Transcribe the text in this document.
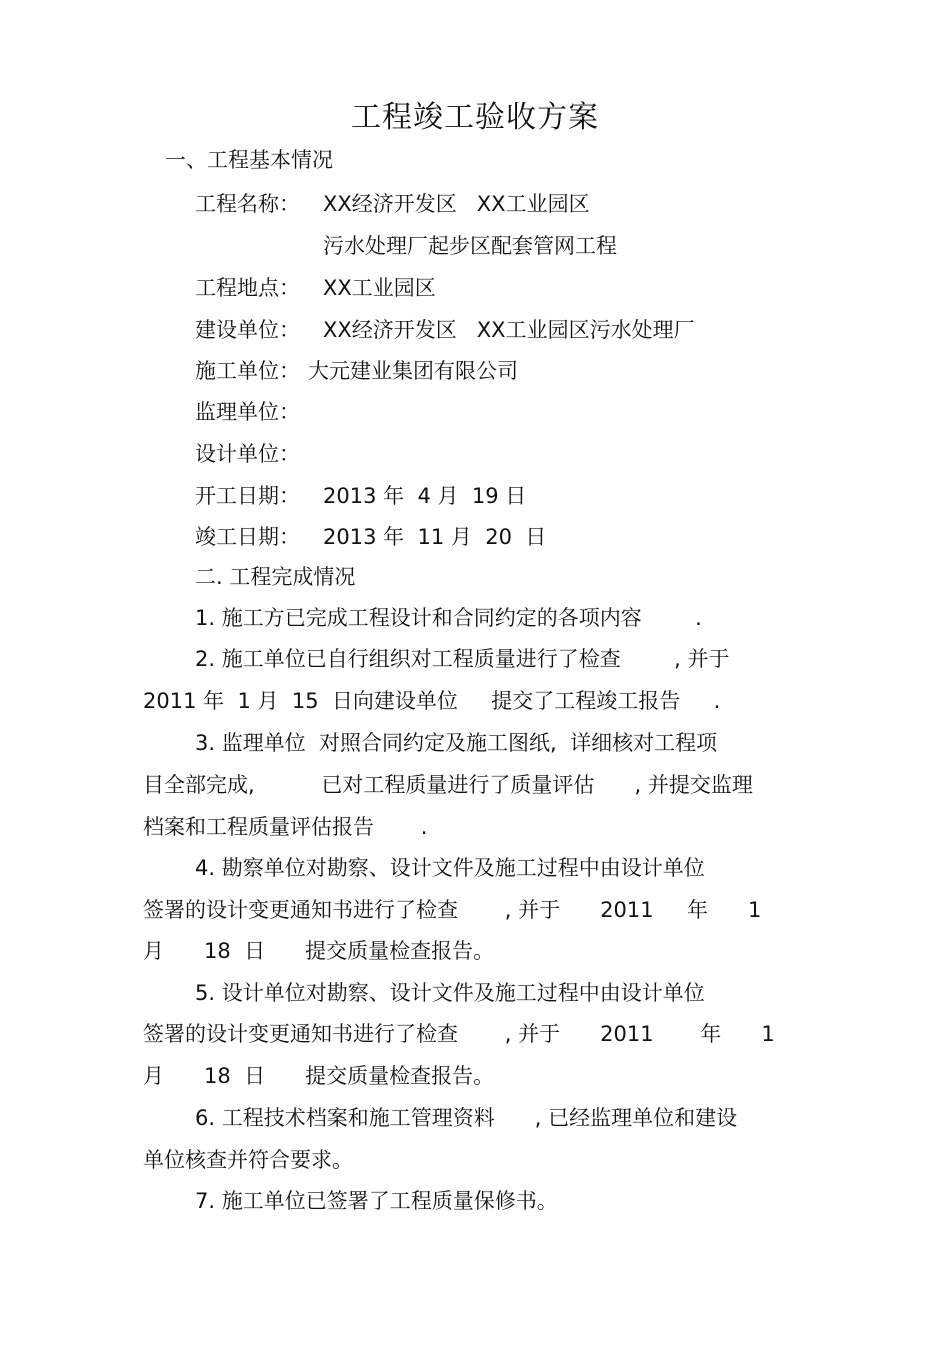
工程竣工验收方案
一、工程基本情况
工程名称： XX经济开发区   XX工业园区
污水处理厂起步区配套管网工程
工程地点： XX工业园区
建设单位： XX经济开发区   XX工业园区污水处理厂
施工单位： 大元建业集团有限公司
监理单位：
设计单位：
开工日期： 2013 年  4 月  19 日
竣工日期： 2013 年  11 月  20  日
二. 工程完成情况
1. 施工方已完成工程设计和合同约定的各项内容        .
2. 施工单位已自行组织对工程质量进行了检查        , 并于
2011 年  1 月  15  日向建设单位     提交了工程竣工报告     .
3. 监理单位  对照合同约定及施工图纸,  详细核对工程项
目全部完成,          已对工程质量进行了质量评估      , 并提交监理
档案和工程质量评估报告       .
4. 勘察单位对勘察、设计文件及施工过程中由设计单位
签署的设计变更通知书进行了检查       , 并于      2011     年      1
月      18  日      提交质量检查报告。
5. 设计单位对勘察、设计文件及施工过程中由设计单位
签署的设计变更通知书进行了检查       , 并于      2011       年      1
月      18  日      提交质量检查报告。
6. 工程技术档案和施工管理资料      , 已经监理单位和建设
单位核查并符合要求。
7. 施工单位已签署了工程质量保修书。
